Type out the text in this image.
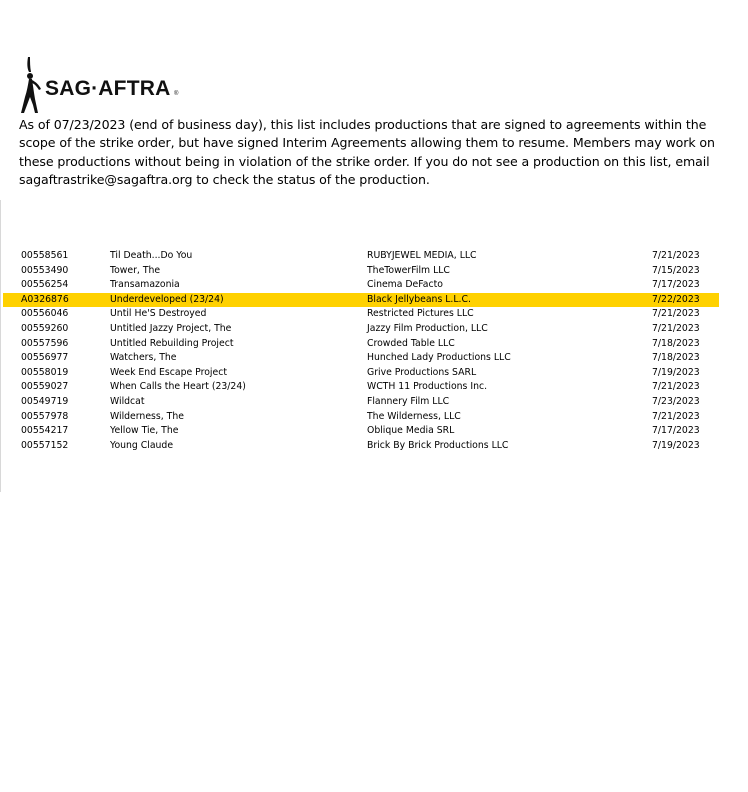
SAG·AFTRA ®

As of 07/23/2023 (end of business day), this list includes productions that are signed to agreements within the scope of the strike order, but have signed Interim Agreements allowing them to resume. Members may work on these productions without being in violation of the strike order. If you do not see a production on this list, email sagaftrastrike@sagaftra.org to check the status of the production.

00558561	Til Death...Do You	RUBYJEWEL MEDIA, LLC	7/21/2023
00553490	Tower, The	TheTowerFilm LLC	7/15/2023
00556254	Transamazonia	Cinema DeFacto	7/17/2023
A0326876	Underdeveloped (23/24)	Black Jellybeans L.L.C.	7/22/2023
00556046	Until He'S Destroyed	Restricted Pictures LLC	7/21/2023
00559260	Untitled Jazzy Project, The	Jazzy Film Production, LLC	7/21/2023
00557596	Untitled Rebuilding Project	Crowded Table LLC	7/18/2023
00556977	Watchers, The	Hunched Lady Productions LLC	7/18/2023
00558019	Week End Escape Project	Grive Productions SARL	7/19/2023
00559027	When Calls the Heart (23/24)	WCTH 11 Productions Inc.	7/21/2023
00549719	Wildcat	Flannery Film LLC	7/23/2023
00557978	Wilderness, The	The Wilderness, LLC	7/21/2023
00554217	Yellow Tie, The	Oblique Media SRL	7/17/2023
00557152	Young Claude	Brick By Brick Productions LLC	7/19/2023
